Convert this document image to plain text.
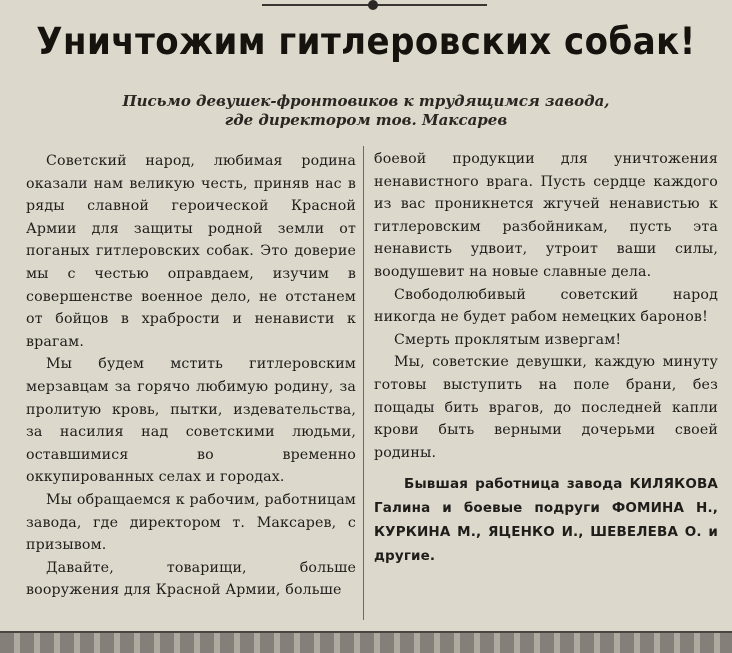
Уничтожим гитлеровских собак!
Письмо девушек-фронтовиков к трудящимся завода,
где директором тов. Максарев

Советский народ, любимая родина оказали нам великую честь, приняв нас в ряды славной героической Красной Армии для защиты родной земли от поганых гитлеровских собак. Это доверие мы с честью оправдаем, изучим в совершенстве военное дело, не отстанем от бойцов в храбрости и ненависти к врагам.

Мы будем мстить гитлеровским мерзавцам за горячо любимую родину, за пролитую кровь, пытки, издевательства, за насилия над советскими людьми, оставшимися во временно оккупированных селах и городах.

Мы обращаемся к рабочим, работницам завода, где директором т. Максарев, с призывом.

Давайте, товарищи, больше вооружения для Красной Армии, больше

боевой продукции для уничтожения ненавистного врага. Пусть сердце каждого из вас проникнется жгучей ненавистью к гитлеровским разбойникам, пусть эта ненависть удвоит, утроит ваши силы, воодушевит на новые славные дела.

Свободолюбивый советский народ никогда не будет рабом немецких баронов!

Смерть проклятым извергам!

Мы, советские девушки, каждую минуту готовы выступить на поле брани, без пощады бить врагов, до последней капли крови быть верными дочерьми своей родины.

Бывшая работница завода КИЛЯКОВА Галина и боевые подруги ФОМИНА Н., КУРКИНА М., ЯЦЕНКО И., ШЕВЕЛЕВА О. и другие.
